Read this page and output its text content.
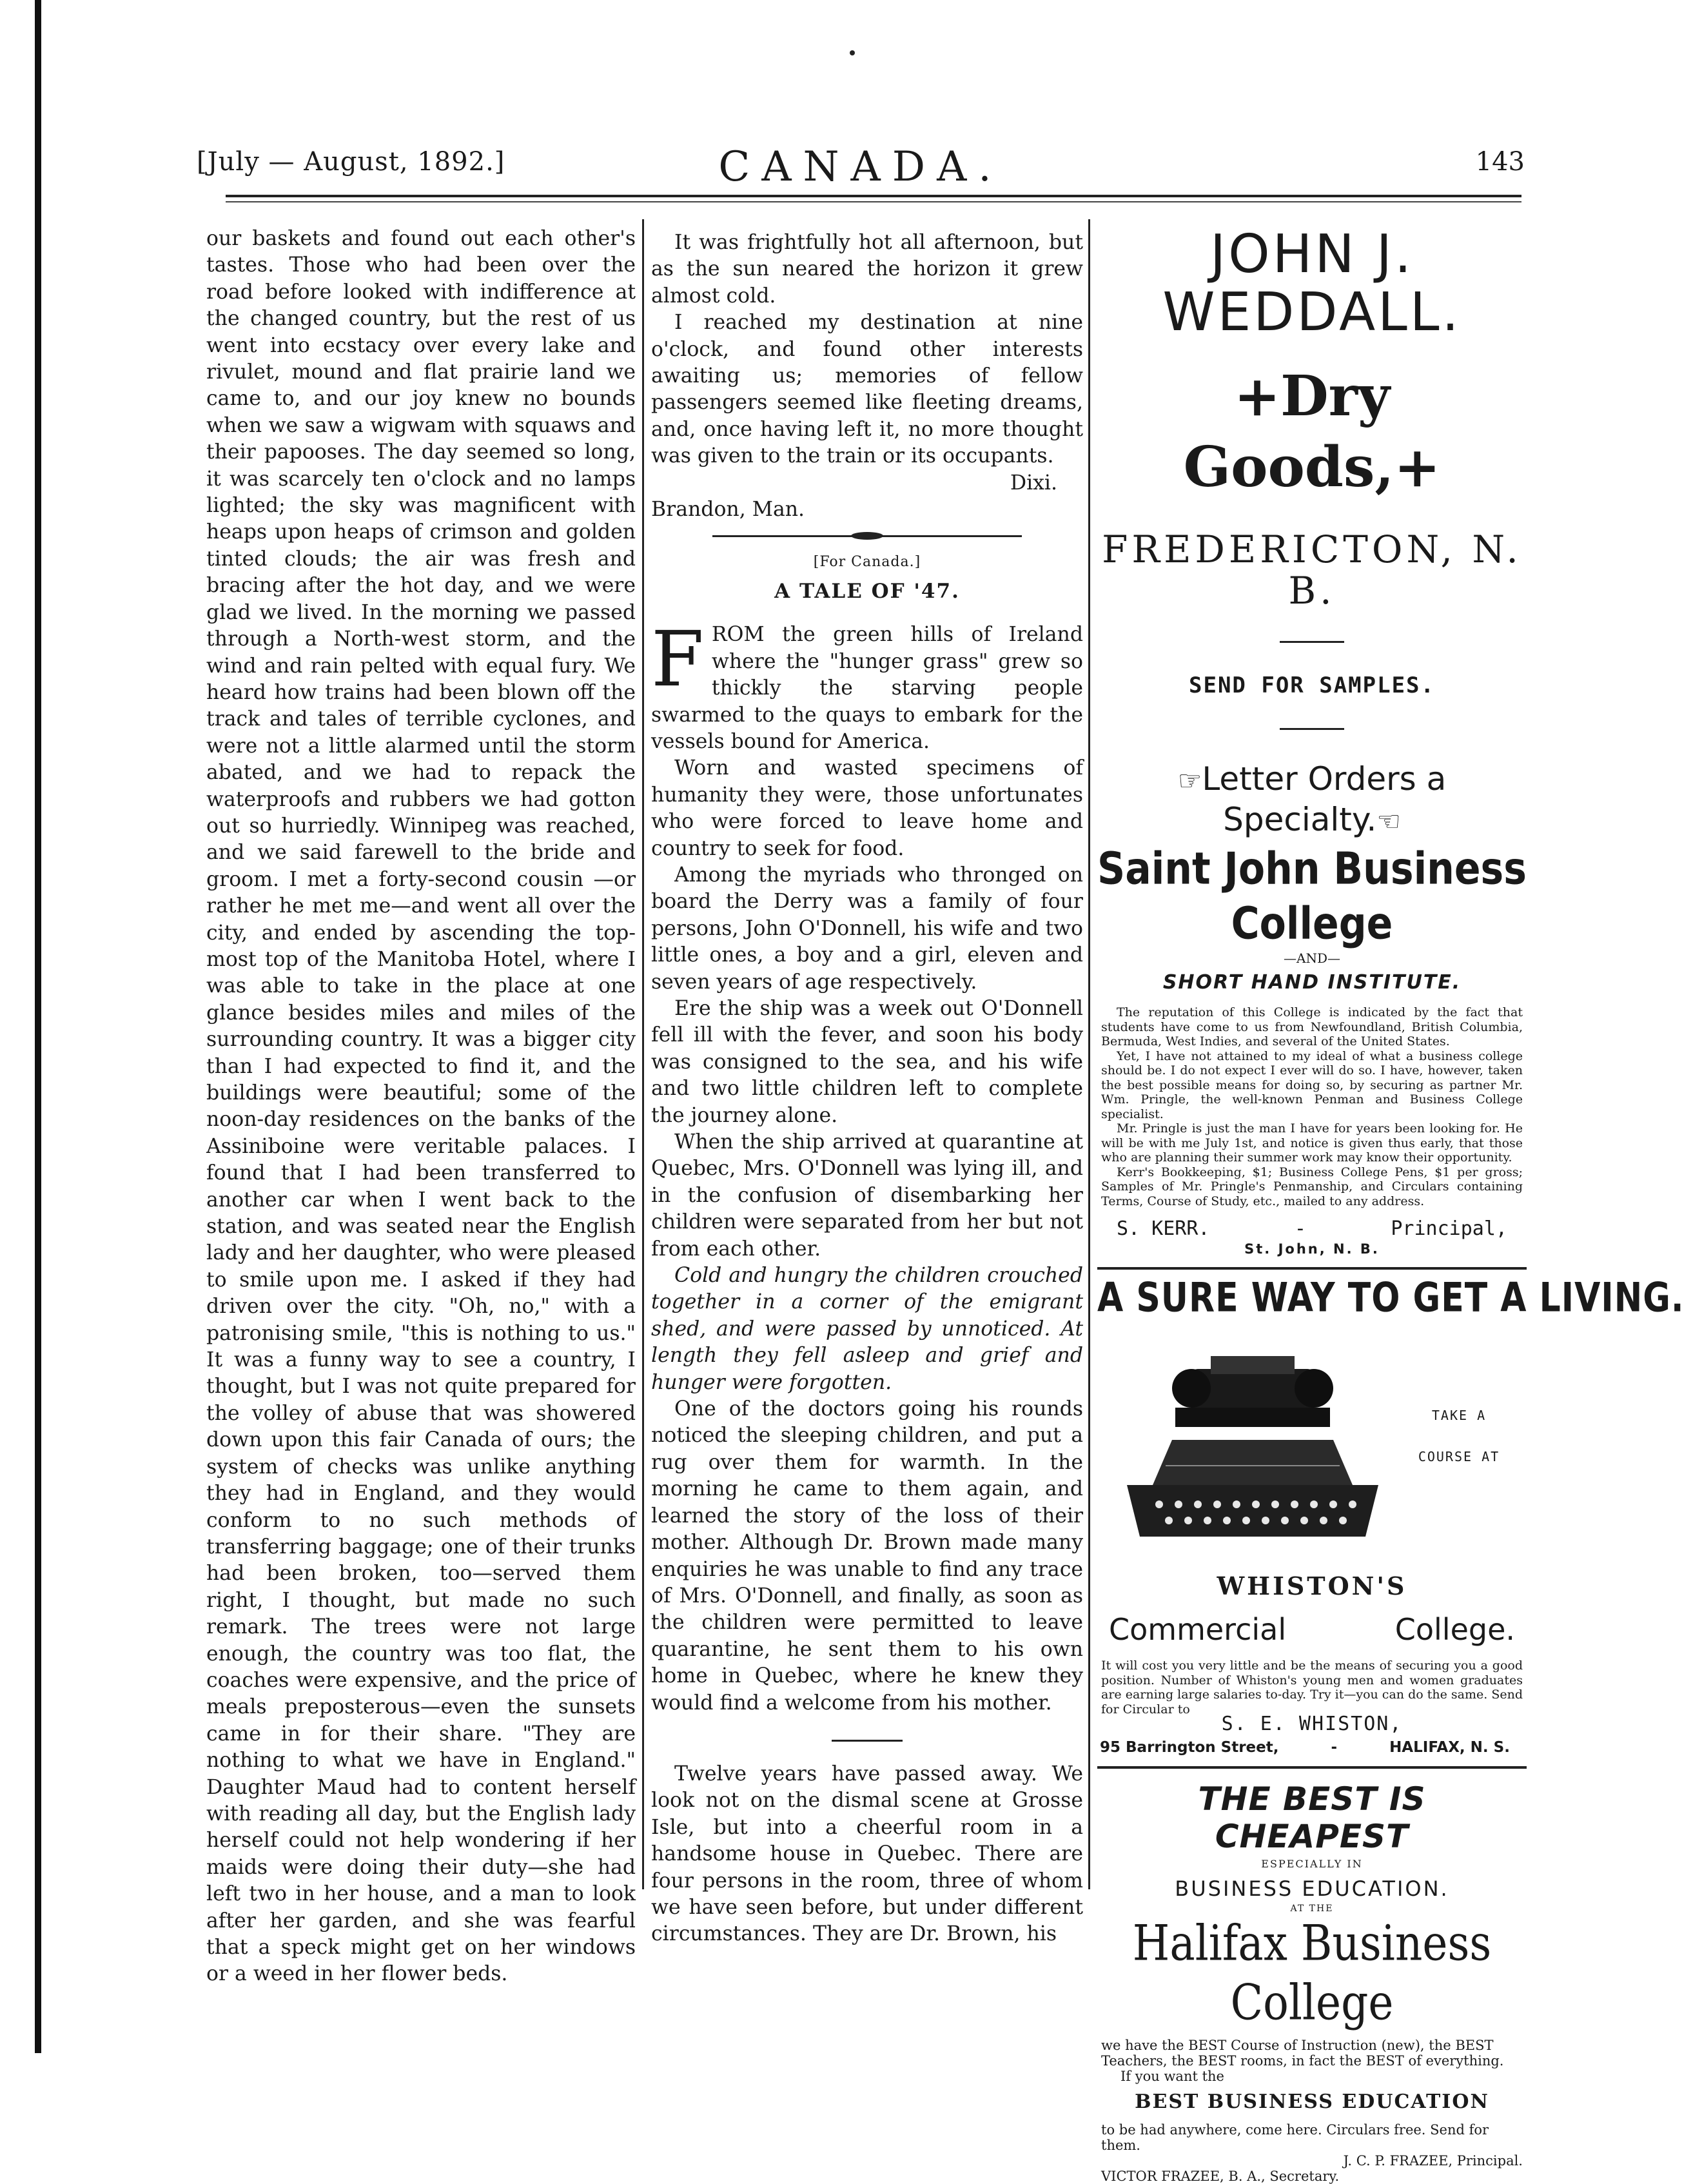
[July — August, 1892.]	CANADA.	143

our baskets and found out each other's tastes. Those who had been over the road before looked with indifference at the changed country, but the rest of us went into ecstacy over every lake and rivulet, mound and flat prairie land we came to, and our joy knew no bounds when we saw a wigwam with squaws and their papooses. The day seemed so long, it was scarcely ten o'clock and no lamps lighted; the sky was magnificent with heaps upon heaps of crimson and golden tinted clouds; the air was fresh and bracing after the hot day, and we were glad we lived. In the morning we passed through a North-west storm, and the wind and rain pelted with equal fury. We heard how trains had been blown off the track and tales of terrible cyclones, and were not a little alarmed until the storm abated, and we had to repack the waterproofs and rubbers we had gotton out so hurriedly. Winnipeg was reached, and we said farewell to the bride and groom. I met a forty-second cousin —or rather he met me—and went all over the city, and ended by ascending the top-most top of the Manitoba Hotel, where I was able to take in the place at one glance besides miles and miles of the surrounding country. It was a bigger city than I had expected to find it, and the buildings were beautiful; some of the noon-day residences on the banks of the Assiniboine were veritable palaces. I found that I had been transferred to another car when I went back to the station, and was seated near the English lady and her daughter, who were pleased to smile upon me. I asked if they had driven over the city. "Oh, no," with a patronising smile, "this is nothing to us." It was a funny way to see a country, I thought, but I was not quite prepared for the volley of abuse that was showered down upon this fair Canada of ours; the system of checks was unlike anything they had in England, and they would conform to no such methods of transferring baggage; one of their trunks had been broken, too—served them right, I thought, but made no such remark. The trees were not large enough, the country was too flat, the coaches were expensive, and the price of meals preposterous—even the sunsets came in for their share. "They are nothing to what we have in England." Daughter Maud had to content herself with reading all day, but the English lady herself could not help wondering if her maids were doing their duty—she had left two in her house, and a man to look after her garden, and she was fearful that a speck might get on her windows or a weed in her flower beds.

It was frightfully hot all afternoon, but as the sun neared the horizon it grew almost cold.

I reached my destination at nine o'clock, and found other interests awaiting us; memories of fellow passengers seemed like fleeting dreams, and, once having left it, no more thought was given to the train or its occupants.

Dixi.

Brandon, Man.

[For Canada.]
A TALE OF '47.

FROM the green hills of Ireland where the "hunger grass" grew so thickly the starving people swarmed to the quays to embark for the vessels bound for America.

Worn and wasted specimens of humanity they were, those unfortunates who were forced to leave home and country to seek for food.

Among the myriads who thronged on board the Derry was a family of four persons, John O'Donnell, his wife and two little ones, a boy and a girl, eleven and seven years of age respectively.

Ere the ship was a week out O'Donnell fell ill with the fever, and soon his body was consigned to the sea, and his wife and two little children left to complete the journey alone.

When the ship arrived at quarantine at Quebec, Mrs. O'Donnell was lying ill, and in the confusion of disembarking her children were separated from her but not from each other.

Cold and hungry the children crouched together in a corner of the emigrant shed, and were passed by unnoticed. At length they fell asleep and grief and hunger were forgotten.

One of the doctors going his rounds noticed the sleeping children, and put a rug over them for warmth. In the morning he came to them again, and learned the story of the loss of their mother. Although Dr. Brown made many enquiries he was unable to find any trace of Mrs. O'Donnell, and finally, as soon as the children were permitted to leave quarantine, he sent them to his own home in Quebec, where he knew they would find a welcome from his mother.

Twelve years have passed away. We look not on the dismal scene at Grosse Isle, but into a cheerful room in a handsome house in Quebec. There are four persons in the room, three of whom we have seen before, but under different circumstances. They are Dr. Brown, his

JOHN J. WEDDALL.
+Dry Goods,+
FREDERICTON, N. B.
SEND FOR SAMPLES.
☞Letter Orders a Specialty.☜
Saint John Business College
—AND—
SHORT HAND INSTITUTE.

The reputation of this College is indicated by the fact that students have come to us from Newfoundland, British Columbia, Bermuda, West Indies, and several of the United States.

Yet, I have not attained to my ideal of what a business college should be. I do not expect I ever will do so. I have, however, taken the best possible means for doing so, by securing as partner Mr. Wm. Pringle, the well-known Penman and Business College specialist.

Mr. Pringle is just the man I have for years been looking for. He will be with me July 1st, and notice is given thus early, that those who are planning their summer work may know their opportunity.

Kerr's Bookkeeping, $1; Business College Pens, $1 per gross; Samples of Mr. Pringle's Penmanship, and Circulars containing Terms, Course of Study, etc., mailed to any address.

S. KERR.	-	Principal,
St. John, N. B.
A SURE WAY TO GET A LIVING.
TAKE A
COURSE AT
WHISTON'S
Commercial	College.
It will cost you very little and be the means of securing you a good position. Number of Whiston's young men and women graduates are earning large salaries to-day. Try it—you can do the same. Send for Circular to
S. E. WHISTON,
95 Barrington Street,	-	HALIFAX, N. S.
THE BEST IS CHEAPEST
ESPECIALLY IN
BUSINESS EDUCATION.
AT THE
Halifax Business College

we have the BEST Course of Instruction (new), the BEST Teachers, the BEST rooms, in fact the BEST of everything.

If you want the

BEST BUSINESS EDUCATION

to be had anywhere, come here. Circulars free. Send for them.

J. C. P. FRAZEE, Principal.

VICTOR FRAZEE, B. A., Secretary.
